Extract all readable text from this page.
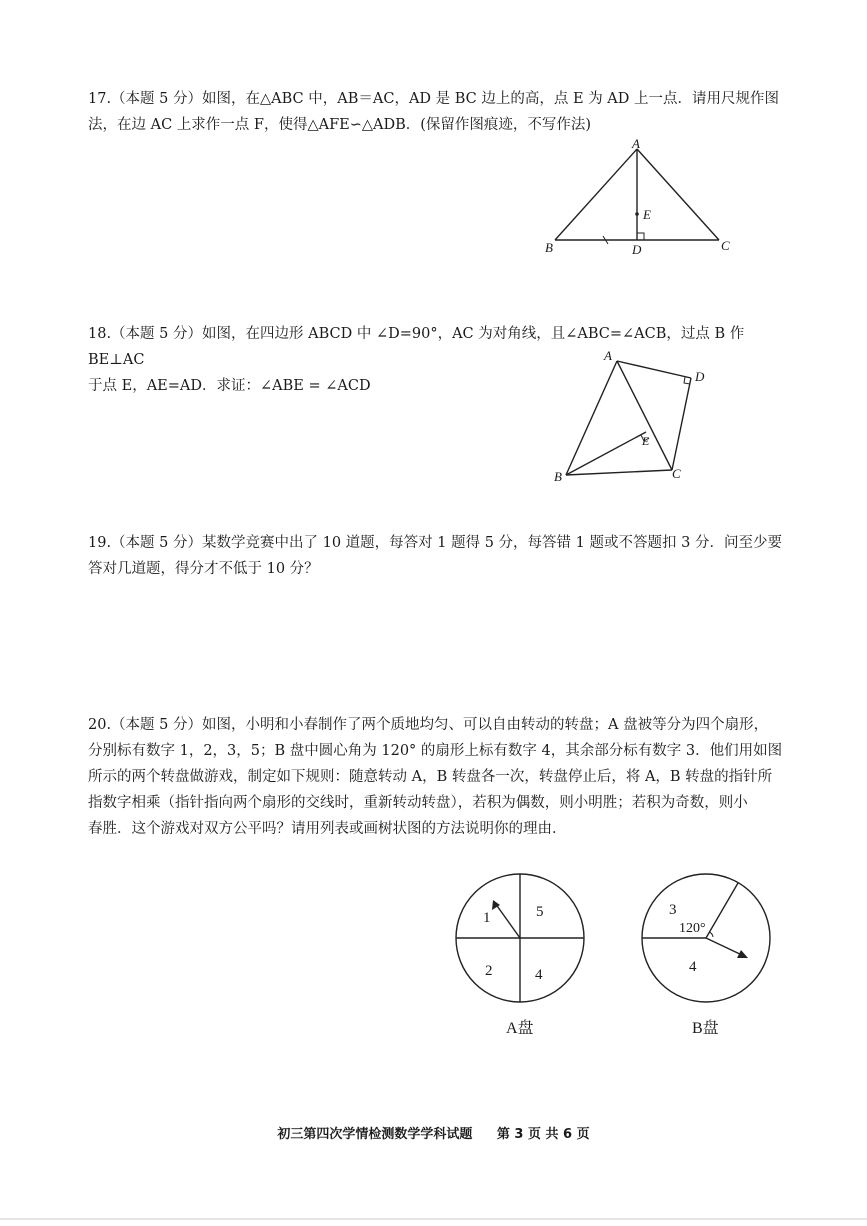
17.（本题 5 分）如图，在△ABC 中，AB＝AC，AD 是 BC 边上的高，点 E 为 AD 上一点．请用尺规作图

法，在边 AC 上求作一点 F，使得△AFE∽△ADB．(保留作图痕迹，不写作法)

A
B	C
D
E

18.（本题 5 分）如图，在四边形 ABCD 中 ∠D=90°，AC 为对角线，且∠ABC=∠ACB，过点 B 作 BE⊥AC

于点 E，AE=AD．求证：∠ABE = ∠ACD

A
D
E
B	C

19.（本题 5 分）某数学竞赛中出了 10 道题，每答对 1 题得 5 分，每答错 1 题或不答题扣 3 分．问至少要

答对几道题，得分才不低于 10 分？

20.（本题 5 分）如图，小明和小春制作了两个质地均匀、可以自由转动的转盘；A 盘被等分为四个扇形，

分别标有数字 1，2，3，5；B 盘中圆心角为 120° 的扇形上标有数字 4，其余部分标有数字 3．他们用如图

所示的两个转盘做游戏，制定如下规则：随意转动 A，B 转盘各一次，转盘停止后，将 A，B 转盘的指针所

指数字相乘（指针指向两个扇形的交线时，重新转动转盘），若积为偶数，则小明胜；若积为奇数，则小

春胜．这个游戏对双方公平吗？请用列表或画树状图的方法说明你的理由．

1	5
2	4
A盘
3
120°
4
B盘
初三第四次学情检测数学学科试题 第 3 页 共 6 页
